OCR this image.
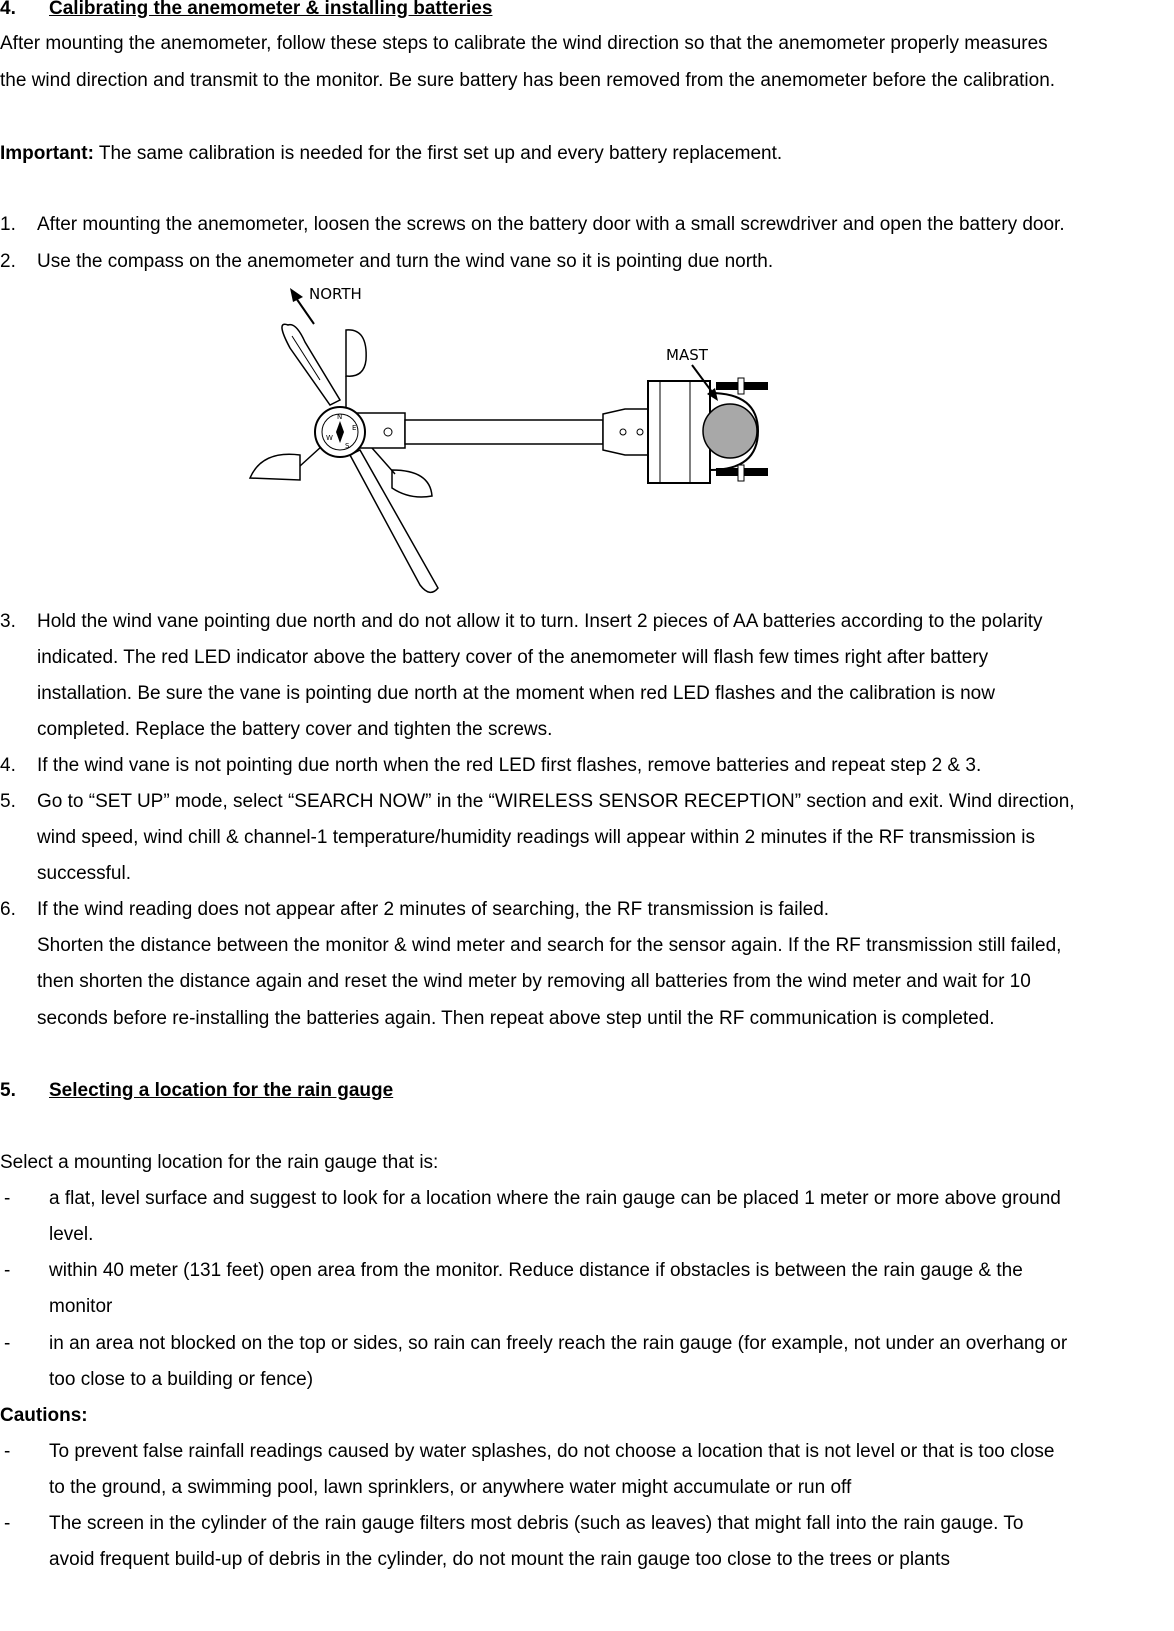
4. Calibrating the anemometer & installing batteries
After mounting the anemometer, follow these steps to calibrate the wind direction so that the anemometer properly measures
the wind direction and transmit to the monitor. Be sure battery has been removed from the anemometer before the calibration.
Important: The same calibration is needed for the first set up and every battery replacement.
1. After mounting the anemometer, loosen the screws on the battery door with a small screwdriver and open the battery door.
2. Use the compass on the anemometer and turn the wind vane so it is pointing due north.
NORTH
N
E
S
W
MAST
3. Hold the wind vane pointing due north and do not allow it to turn. Insert 2 pieces of AA batteries according to the polarity
indicated. The red LED indicator above the battery cover of the anemometer will flash few times right after battery
installation. Be sure the vane is pointing due north at the moment when red LED flashes and the calibration is now
completed. Replace the battery cover and tighten the screws.
4. If the wind vane is not pointing due north when the red LED first flashes, remove batteries and repeat step 2 & 3.
5. Go to “SET UP” mode, select “SEARCH NOW” in the “WIRELESS SENSOR RECEPTION” section and exit. Wind direction,
wind speed, wind chill & channel-1 temperature/humidity readings will appear within 2 minutes if the RF transmission is
successful.
6. If the wind reading does not appear after 2 minutes of searching, the RF transmission is failed.
Shorten the distance between the monitor & wind meter and search for the sensor again. If the RF transmission still failed,
then shorten the distance again and reset the wind meter by removing all batteries from the wind meter and wait for 10
seconds before re-installing the batteries again. Then repeat above step until the RF communication is completed.
5. Selecting a location for the rain gauge
Select a mounting location for the rain gauge that is:
- a flat, level surface and suggest to look for a location where the rain gauge can be placed 1 meter or more above ground
level.
- within 40 meter (131 feet) open area from the monitor. Reduce distance if obstacles is between the rain gauge & the
monitor
- in an area not blocked on the top or sides, so rain can freely reach the rain gauge (for example, not under an overhang or
too close to a building or fence)
Cautions:
- To prevent false rainfall readings caused by water splashes, do not choose a location that is not level or that is too close
to the ground, a swimming pool, lawn sprinklers, or anywhere water might accumulate or run off
- The screen in the cylinder of the rain gauge filters most debris (such as leaves) that might fall into the rain gauge. To
avoid frequent build-up of debris in the cylinder, do not mount the rain gauge too close to the trees or plants
